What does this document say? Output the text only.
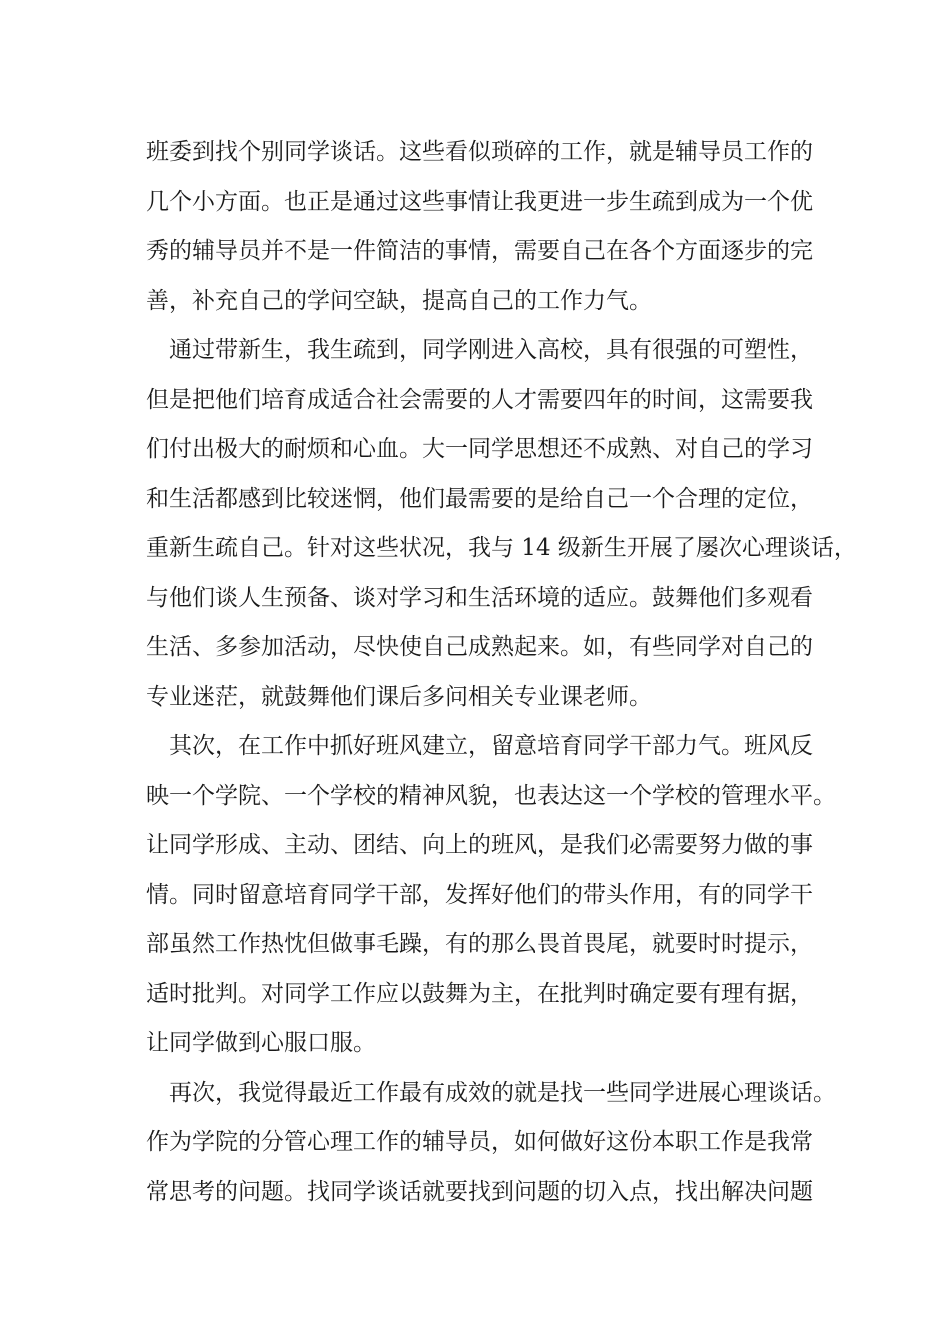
班委到找个别同学谈话。这些看似琐碎的工作，就是辅导员工作的
几个小方面。也正是通过这些事情让我更进一步生疏到成为一个优
秀的辅导员并不是一件简洁的事情，需要自己在各个方面逐步的完
善，补充自己的学问空缺，提高自己的工作力气。
通过带新生，我生疏到，同学刚进入高校，具有很强的可塑性，
但是把他们培育成适合社会需要的人才需要四年的时间，这需要我
们付出极大的耐烦和心血。大一同学思想还不成熟、对自己的学习
和生活都感到比较迷惘，他们最需要的是给自己一个合理的定位，
重新生疏自己。针对这些状况，我与 14 级新生开展了屡次心理谈话，
与他们谈人生预备、谈对学习和生活环境的适应。鼓舞他们多观看
生活、多参加活动，尽快使自己成熟起来。如，有些同学对自己的
专业迷茫，就鼓舞他们课后多问相关专业课老师。
其次，在工作中抓好班风建立，留意培育同学干部力气。班风反
映一个学院、一个学校的精神风貌，也表达这一个学校的管理水平。
让同学形成、主动、团结、向上的班风，是我们必需要努力做的事
情。同时留意培育同学干部，发挥好他们的带头作用，有的同学干
部虽然工作热忱但做事毛躁，有的那么畏首畏尾，就要时时提示，
适时批判。对同学工作应以鼓舞为主，在批判时确定要有理有据，
让同学做到心服口服。
再次，我觉得最近工作最有成效的就是找一些同学进展心理谈话。
作为学院的分管心理工作的辅导员，如何做好这份本职工作是我常
常思考的问题。找同学谈话就要找到问题的切入点，找出解决问题
